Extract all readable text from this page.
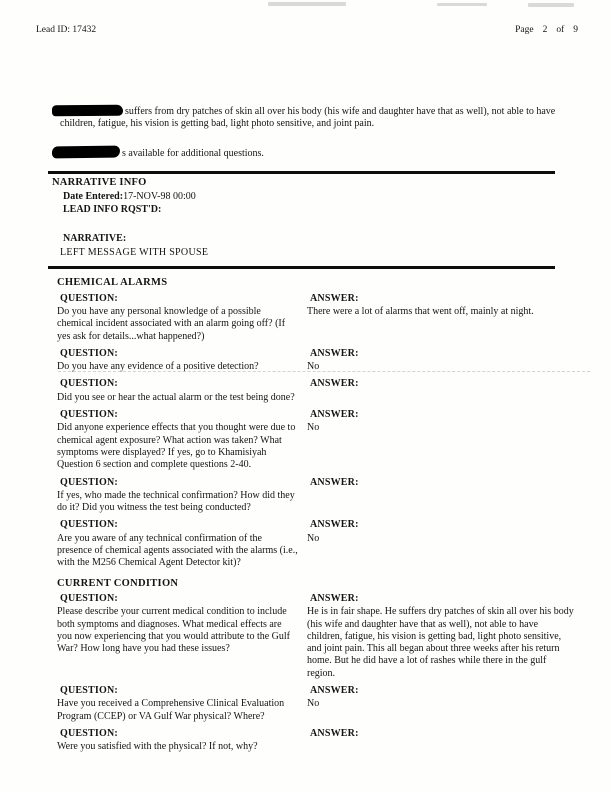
Lead ID: 17432	Page 2 of 9

suffers from dry patches of skin all over his body (his wife and daughter have that as well), not able to have children, fatigue, his vision is getting bad, light photo sensitive, and joint pain.

s available for additional questions.

NARRATIVE INFO
Date Entered:17-NOV-98 00:00
LEAD INFO RQST'D:
NARRATIVE:
LEFT MESSAGE WITH SPOUSE
CHEMICAL ALARMS
QUESTION:

Do you have any personal knowledge of a possible chemical incident associated with an alarm going off? (If yes ask for details...what happened?)

ANSWER:

There were a lot of alarms that went off, mainly at night.

QUESTION:

Do you have any evidence of a positive detection?

ANSWER:

No

QUESTION:

Did you see or hear the actual alarm or the test being done?

ANSWER:

QUESTION:

Did anyone experience effects that you thought were due to chemical agent exposure? What action was taken? What symptoms were displayed? If yes, go to Khamisiyah Question 6 section and complete questions 2-40.

ANSWER:

No

QUESTION:

If yes, who made the technical confirmation? How did they do it? Did you witness the test being conducted?

ANSWER:

QUESTION:

Are you aware of any technical confirmation of the presence of chemical agents associated with the alarms (i.e., with the M256 Chemical Agent Detector kit)?

ANSWER:

No

CURRENT CONDITION
QUESTION:

Please describe your current medical condition to include both symptoms and diagnoses. What medical effects are you now experiencing that you would attribute to the Gulf War? How long have you had these issues?

ANSWER:

He is in fair shape. He suffers dry patches of skin all over his body (his wife and daughter have that as well), not able to have children, fatigue, his vision is getting bad, light photo sensitive, and joint pain. This all began about three weeks after his return home. But he did have a lot of rashes while there in the gulf region.

QUESTION:

Have you received a Comprehensive Clinical Evaluation Program (CCEP) or VA Gulf War physical? Where?

ANSWER:

No

QUESTION:

Were you satisfied with the physical? If not, why?

ANSWER:
